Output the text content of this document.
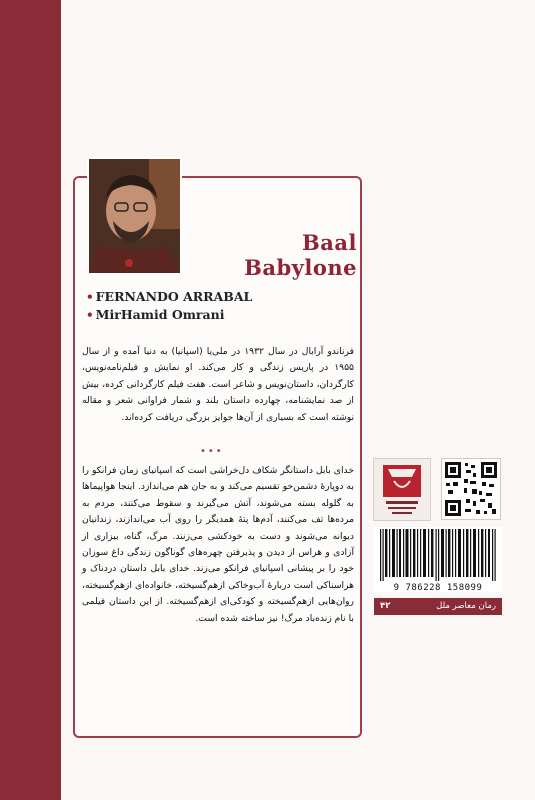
Baal Babylone
• FERNANDO ARRABAL
• MirHamid Omrani
فرناندو آرابال در سال ۱۹۳۲ در ملی‌یا (اسپانیا) به دنیا آمده و از سال ۱۹۵۵ در پاریس زندگی و کار می‌کند. او نمایش و فیلم‌نامه‌نویس، کارگردان، داستان‌نویس و شاعر است. هفت فیلم کارگردانی کرده، بیش از صد نمایشنامه، چهارده داستان بلند و شمار فراوانی شعر و مقاله نوشته است که بسیاری از آن‌ها جوایز بزرگی دریافت کرده‌اند.
•••
خدای بابل داستانگر شکاف دل‌خراشی است که اسپانیای زمان فرانکو را به دوپارهٔ دشمن‌خو تقسیم می‌کند و به جان هم می‌اندازد. اینجا هواپیماها به گلوله بسته می‌شوند، آتش می‌گیرند و سقوط می‌کنند، مردم به مرده‌ها تف می‌کنند، آدم‌ها پتهٔ همدیگر را روی آب می‌اندازند، زندانیان دیوانه می‌شوند و دست به خودکشی می‌زنند. مرگ، گناه، بیزاری از آزادی و هراس از دیدن و پذیرفتن چهره‌های گوناگون زندگی داغ سوزان خود را بر پیشانی اسپانیای فرانکو می‌زند. خدای بابل داستان دردناک و هراسناکی است دربارهٔ آب‌وخاکی ازهم‌گسیخته، خانواده‌ای ازهم‌گسیخته، روان‌هایی ازهم‌گسیخته و کودکی‌ای ازهم‌گسیخته. از این داستان فیلمی با نام زنده‌باد مرگ! نیز ساخته شده است.
9 786228 158099
رمان معاصر ملل
۴۲
